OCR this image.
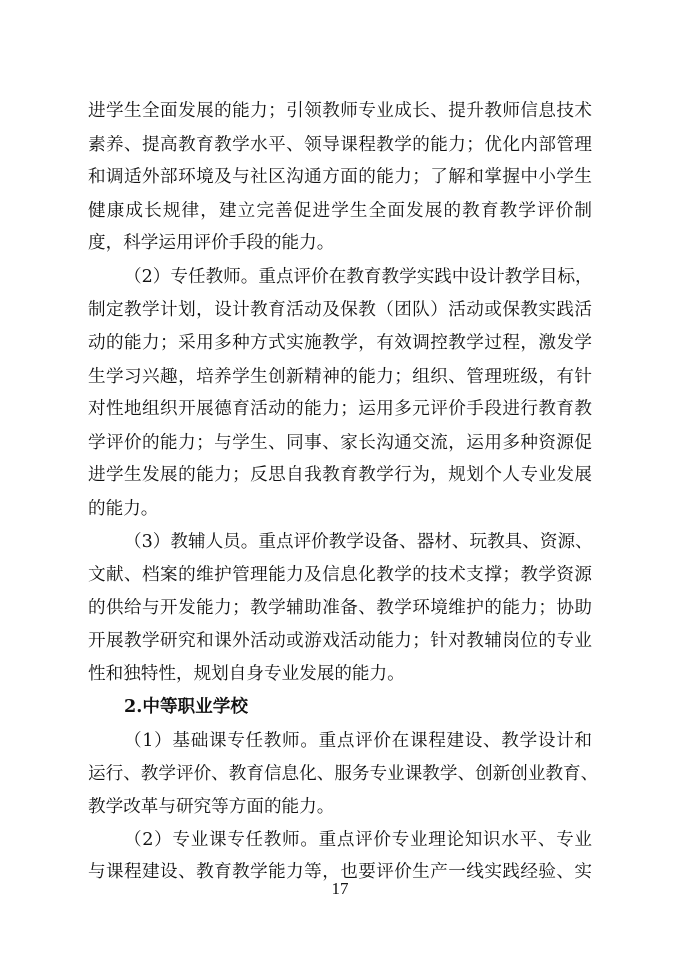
进学生全面发展的能力；引领教师专业成长、提升教师信息技术
素养、提高教育教学水平、领导课程教学的能力；优化内部管理
和调适外部环境及与社区沟通方面的能力；了解和掌握中小学生
健康成长规律，建立完善促进学生全面发展的教育教学评价制
度，科学运用评价手段的能力。
（2）专任教师。重点评价在教育教学实践中设计教学目标，
制定教学计划，设计教育活动及保教（团队）活动或保教实践活
动的能力；采用多种方式实施教学，有效调控教学过程，激发学
生学习兴趣，培养学生创新精神的能力；组织、管理班级，有针
对性地组织开展德育活动的能力；运用多元评价手段进行教育教
学评价的能力；与学生、同事、家长沟通交流，运用多种资源促
进学生发展的能力；反思自我教育教学行为，规划个人专业发展
的能力。
（3）教辅人员。重点评价教学设备、器材、玩教具、资源、
文献、档案的维护管理能力及信息化教学的技术支撑；教学资源
的供给与开发能力；教学辅助准备、教学环境维护的能力；协助
开展教学研究和课外活动或游戏活动能力；针对教辅岗位的专业
2.中等职业学校
（1）基础课专任教师。重点评价在课程建设、教学设计和
运行、教学评价、教育信息化、服务专业课教学、创新创业教育、
教学改革与研究等方面的能力。
（2）专业课专任教师。重点评价专业理论知识水平、专业
与课程建设、教育教学能力等，也要评价生产一线实践经验、实
17
性和独特性，规划自身专业发展的能力。
